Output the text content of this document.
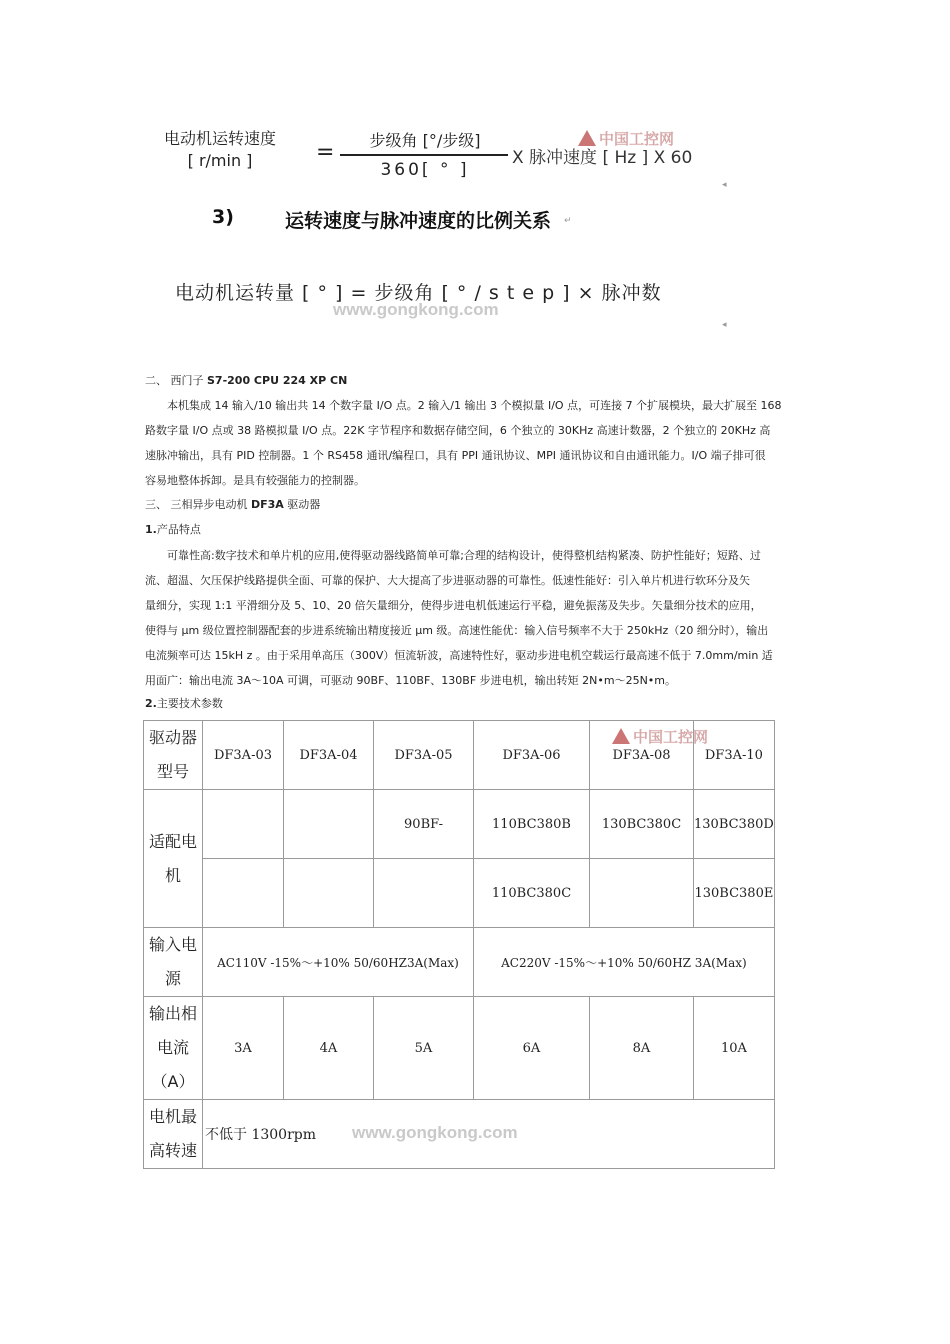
电动机运转速度
[ r/min ]	=	步级角 [°/步级]
360[ ° ]
X 脉冲速度 [ Hz ] X 60
中国工控网
◂
3)	运转速度与脉冲速度的比例关系 ↵
电动机运转量 [ ° ] = 步级角 [ ° / s t e p ] × 脉冲数
www.gongkong.com
◂
二、 西门子 S7-200 CPU 224 XP CN
本机集成 14 输入/10 输出共 14 个数字量 I/O 点。2 输入/1 输出 3 个模拟量 I/O 点，可连接 7 个扩展模块，最大扩展至 168
路数字量 I/O 点或 38 路模拟量 I/O 点。22K 字节程序和数据存储空间，6 个独立的 30KHz 高速计数器，2 个独立的 20KHz 高
速脉冲输出，具有 PID 控制器。1 个 RS458 通讯/编程口，具有 PPI 通讯协议、MPI 通讯协议和自由通讯能力。I/O 端子排可很
容易地整体拆卸。是具有较强能力的控制器。
三、 三相异步电动机 DF3A 驱动器
1.产品特点
可靠性高:数字技术和单片机的应用,使得驱动器线路简单可靠;合理的结构设计，使得整机结构紧凑、防护性能好；短路、过
流、超温、欠压保护线路提供全面、可靠的保护、大大提高了步进驱动器的可靠性。低速性能好：引入单片机进行软环分及矢
量细分，实现 1:1 平滑细分及 5、10、20 倍矢量细分，使得步进电机低速运行平稳，避免振荡及失步。矢量细分技术的应用，
使得与 μm 级位置控制器配套的步进系统输出精度接近 μm 级。高速性能优：输入信号频率不大于 250kHz（20 细分时），输出
电流频率可达 15kH z 。由于采用单高压（300V）恒流斩波，高速特性好，驱动步进电机空载运行最高速不低于 7.0mm/min 适
用面广：输出电流 3A～10A 可调，可驱动 90BF、110BF、130BF 步进电机，输出转矩 2N•m～25N•m。
2.主要技术参数
驱动器型号	DF3A-03	DF3A-04	DF3A-05	DF3A-06	DF3A-08	DF3A-10
适配电机			90BF-	110BC380B	130BC380C	130BC380D
				110BC380C		130BC380E
输入电源	AC110V -15%～+10% 50/60HZ3A(Max)			AC220V -15%～+10% 50/60HZ 3A(Max)		
输出相电流（A）	3A	4A	5A	6A	8A	10A
电机最高转速	不低于 1300rpm					
中国工控网
www.gongkong.com
